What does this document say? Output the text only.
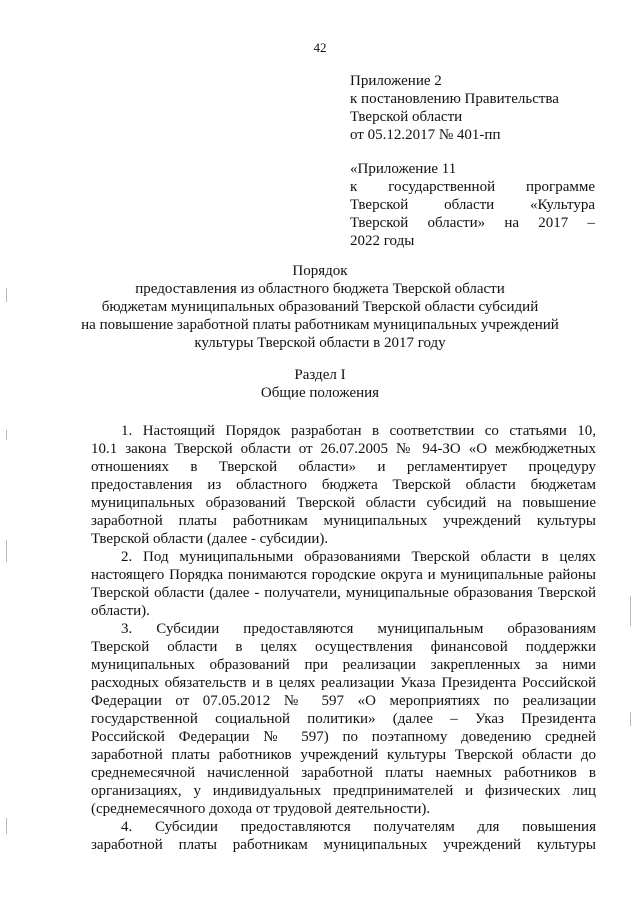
42
Приложение 2
к постановлению Правительства
Тверской области
от 05.12.2017 № 401-пп
«Приложение 11
к государственной программе
Тверской области «Культура
Тверской области» на 2017 –
2022 годы
Порядок
предоставления из областного бюджета Тверской области
бюджетам муниципальных образований Тверской области субсидий
на повышение заработной платы работникам муниципальных учреждений
культуры Тверской области в 2017 году
Раздел I
Общие положения
1. Настоящий Порядок разработан в соответствии со статьями 10,
10.1 закона Тверской области от 26.07.2005 № 94-ЗО «О межбюджетных
отношениях в Тверской области» и регламентирует процедуру
предоставления из областного бюджета Тверской области бюджетам
муниципальных образований Тверской области субсидий на повышение
заработной платы работникам муниципальных учреждений культуры
Тверской области (далее - субсидии).
2. Под муниципальными образованиями Тверской области в целях
настоящего Порядка понимаются городские округа и муниципальные районы
Тверской области (далее - получатели, муниципальные образования Тверской
области).
3. Субсидии предоставляются муниципальным образованиям
Тверской области в целях осуществления финансовой поддержки
муниципальных образований при реализации закрепленных за ними
расходных обязательств и в целях реализации Указа Президента Российской
Федерации от 07.05.2012 № 597 «О мероприятиях по реализации
государственной социальной политики» (далее – Указ Президента
Российской Федерации № 597) по поэтапному доведению средней
заработной платы работников учреждений культуры Тверской области до
среднемесячной начисленной заработной платы наемных работников в
организациях, у индивидуальных предпринимателей и физических лиц
(среднемесячного дохода от трудовой деятельности).
4. Субсидии предоставляются получателям для повышения
заработной платы работникам муниципальных учреждений культуры
